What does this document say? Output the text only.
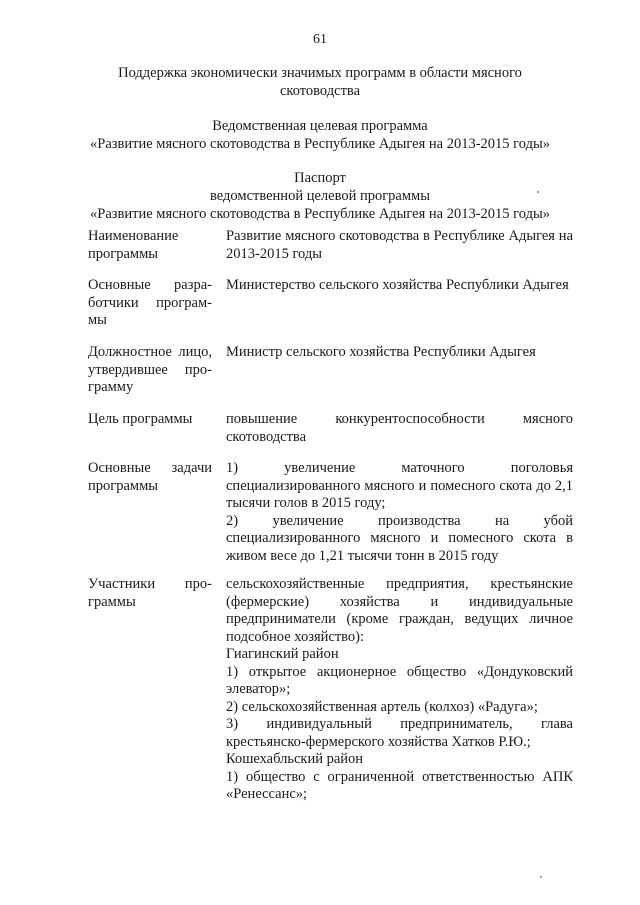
61
Поддержка экономически значимых программ в области мясного
скотоводства
Ведомственная целевая программа
«Развитие мясного скотоводства в Республике Адыгея на 2013-2015 годы»
Паспорт
ведомственной целевой программы
«Развитие мясного скотоводства в Республике Адыгея на 2013-2015 годы»
Наименование программы
Развитие мясного скотоводства в Республике Адыгея на 2013-2015 годы
Основные разра-
ботчики програм-
мы
Министерство сельского хозяйства Республики Адыгея
Должностное лицо,
утвердившее про-
грамму
Министр сельского хозяйства Республики Адыгея
Цель программы	повышение конкурентоспособности мясного скотоводства
Основные задачи
программы

1) увеличение маточного поголовья специализированного мясного и помесного скота до 2,1 тысячи голов в 2015 году;

2) увеличение производства на убой специализированного мясного и помесного скота в живом весе до 1,21 тысячи тонн в 2015 году

Участники про-
граммы

сельскохозяйственные предприятия, крестьянские (фермерские) хозяйства и индивидуальные предприниматели (кроме граждан, ведущих личное подсобное хозяйство):

Гиагинский район

1) открытое акционерное общество «Дондуковский элеватор»;

2) сельскохозяйственная артель (колхоз) «Радуга»;

3) индивидуальный предприниматель, глава крестьянско-фермерского хозяйства Хатков Р.Ю.;

Кошехабльский район

1) общество с ограниченной ответственностью АПК «Ренессанс»;
